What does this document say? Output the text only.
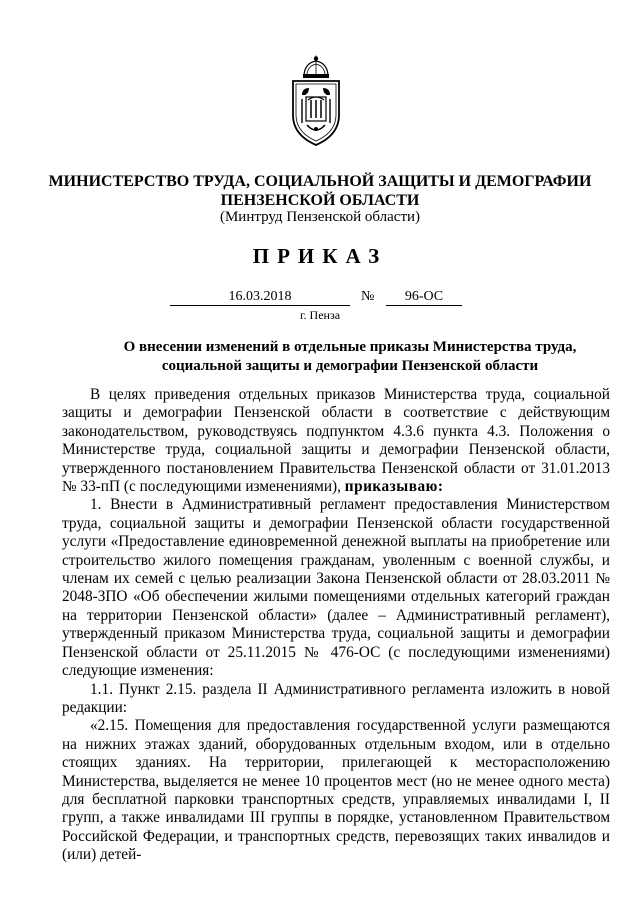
МИНИСТЕРСТВО ТРУДА, СОЦИАЛЬНОЙ ЗАЩИТЫ И ДЕМОГРАФИИ
ПЕНЗЕНСКОЙ ОБЛАСТИ
(Минтруд Пензенской области)
ПРИКАЗ
16.03.2018	№	96-ОС
г. Пенза
О внесении изменений в отдельные приказы Министерства труда,
социальной защиты и демографии Пензенской области

В целях приведения отдельных приказов Министерства труда, социальной защиты и демографии Пензенской области в соответствие с действующим законодательством, руководствуясь подпунктом 4.3.6 пункта 4.3. Положения о Министерстве труда, социальной защиты и демографии Пензенской области, утвержденного постановлением Правительства Пензенской области от 31.01.2013 № 33-пП (с последующими изменениями), приказываю:

1. Внести в Административный регламент предоставления Министерством труда, социальной защиты и демографии Пензенской области государственной услуги «Предоставление единовременной денежной выплаты на приобретение или строительство жилого помещения гражданам, уволенным с военной службы, и членам их семей с целью реализации Закона Пензенской области от 28.03.2011 № 2048-ЗПО «Об обеспечении жилыми помещениями отдельных категорий граждан на территории Пензенской области» (далее – Административный регламент), утвержденный приказом Министерства труда, социальной защиты и демографии Пензенской области от 25.11.2015 № 476-ОС (с последующими изменениями) следующие изменения:

1.1. Пункт 2.15. раздела II Административного регламента изложить в новой редакции:

«2.15. Помещения для предоставления государственной услуги размещаются на нижних этажах зданий, оборудованных отдельным входом, или в отдельно стоящих зданиях. На территории, прилегающей к месторасположению Министерства, выделяется не менее 10 процентов мест (но не менее одного места) для бесплатной парковки транспортных средств, управляемых инвалидами I, II групп, а также инвалидами III группы в порядке, установленном Правительством Российской Федерации, и транспортных средств, перевозящих таких инвалидов и (или) детей-
